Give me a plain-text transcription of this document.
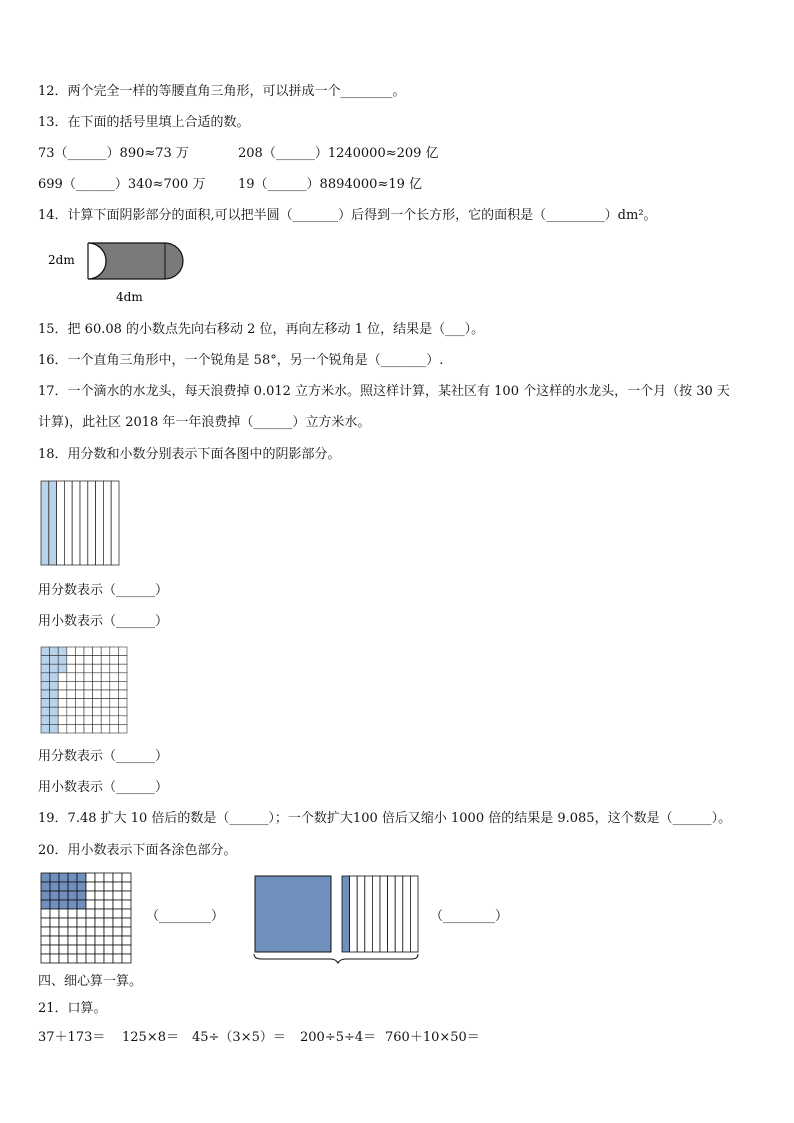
12．两个完全一样的等腰直角三角形，可以拼成一个________。
13．在下面的括号里填上合适的数。
73（______）890≈73 万	208（______）1240000≈209 亿
699（______）340≈700 万	19（______）8894000≈19 亿
14．计算下面阴影部分的面积,可以把半圆（_______）后得到一个长方形，它的面积是（_________）dm²。
2dm
4dm
15．把 60.08 的小数点先向右移动 2 位，再向左移动 1 位，结果是（___）。
16．一个直角三角形中，一个锐角是 58°，另一个锐角是（_______）.
17．一个滴水的水龙头，每天浪费掉 0.012 立方米水。照这样计算，某社区有 100 个这样的水龙头，一个月（按 30 天
计算)，此社区 2018 年一年浪费掉（______）立方米水。
18．用分数和小数分别表示下面各图中的阴影部分。
用分数表示（______）
用小数表示（______）
用分数表示（______）
用小数表示（______）
19．7.48 扩大 10 倍后的数是（______）；一个数扩大100 倍后又缩小 1000 倍的结果是 9.085，这个数是（______）。
20．用小数表示下面各涂色部分。
（________）	（________）
四、细心算一算。
21．口算。
37＋173＝ 125×8＝ 45÷（3×5）＝ 200÷5÷4＝ 760＋10×50＝
